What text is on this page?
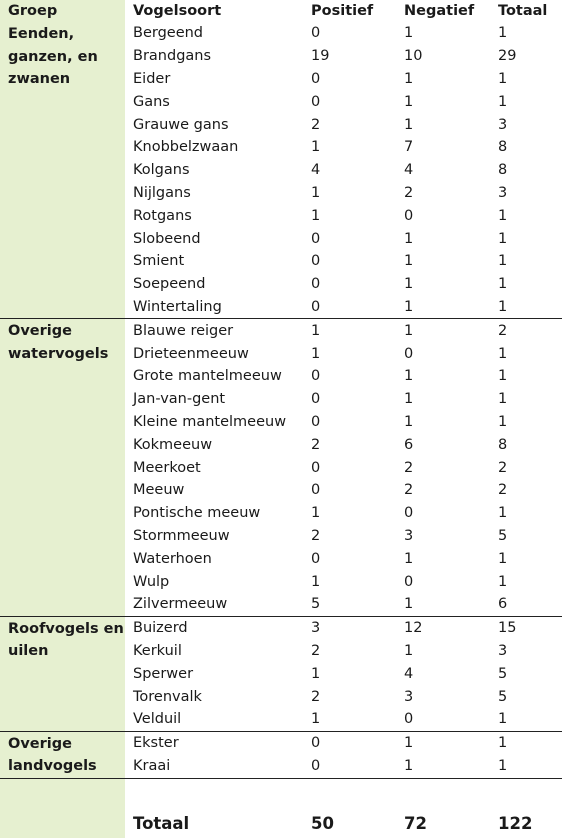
Groep	Vogelsoort	Positief	Negatief	Totaal
Eenden, ganzen, en zwanen	Bergeend	0	1	1
	Brandgans	19	10	29
	Eider	0	1	1
	Gans	0	1	1
	Grauwe gans	2	1	3
	Knobbelzwaan	1	7	8
	Kolgans	4	4	8
	Nijlgans	1	2	3
	Rotgans	1	0	1
	Slobeend	0	1	1
	Smient	0	1	1
	Soepeend	0	1	1
	Wintertaling	0	1	1
Overige watervogels	Blauwe reiger	1	1	2
	Drieteenmeeuw	1	0	1
	Grote mantelmeeuw	0	1	1
	Jan-van-gent	0	1	1
	Kleine mantelmeeuw	0	1	1
	Kokmeeuw	2	6	8
	Meerkoet	0	2	2
	Meeuw	0	2	2
	Pontische meeuw	1	0	1
	Stormmeeuw	2	3	5
	Waterhoen	0	1	1
	Wulp	1	0	1
	Zilvermeeuw	5	1	6
Roofvogels en uilen	Buizerd	3	12	15
	Kerkuil	2	1	3
	Sperwer	1	4	5
	Torenvalk	2	3	5
	Velduil	1	0	1
Overige landvogels	Ekster	0	1	1
	Kraai	0	1	1
	Totaal	50	72	122
